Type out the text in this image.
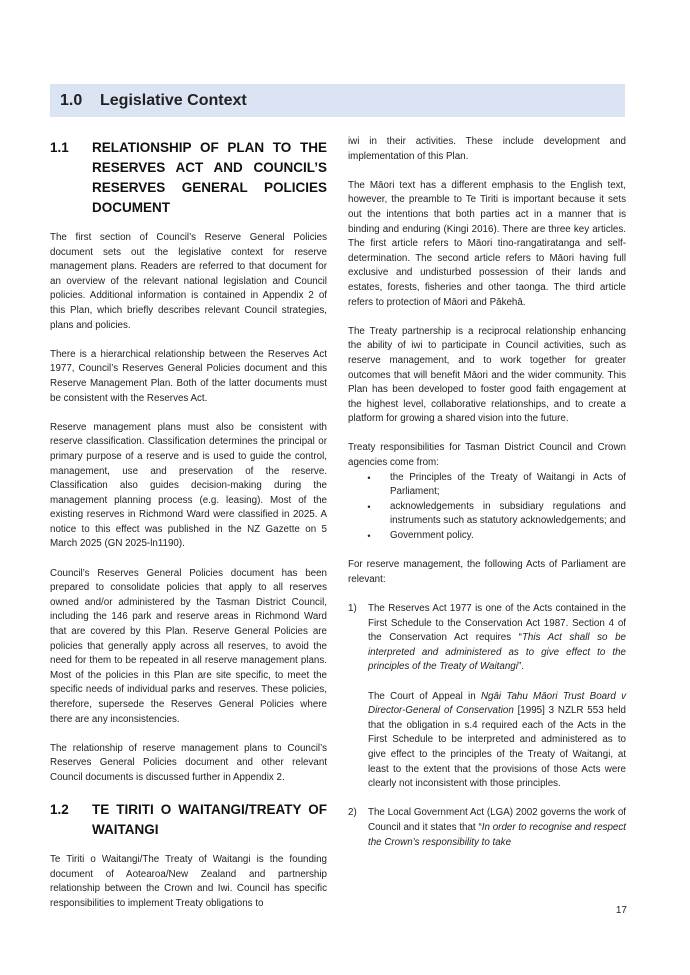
1.0	Legislative Context
1.1	RELATIONSHIP OF PLAN TO THE RESERVES ACT AND COUNCIL’S RESERVES GENERAL POLICIES DOCUMENT

The first section of Council’s Reserve General Policies document sets out the legislative context for reserve management plans. Readers are referred to that document for an overview of the relevant national legislation and Council policies. Additional information is contained in Appendix 2 of this Plan, which briefly describes relevant Council strategies, plans and policies.

There is a hierarchical relationship between the Reserves Act 1977, Council’s Reserves General Policies document and this Reserve Management Plan. Both of the latter documents must be consistent with the Reserves Act.

Reserve management plans must also be consistent with reserve classification. Classification determines the principal or primary purpose of a reserve and is used to guide the control, management, use and preservation of the reserve. Classification also guides decision-making during the management planning process (e.g. leasing). Most of the existing reserves in Richmond Ward were classified in 2025. A notice to this effect was published in the NZ Gazette on 5 March 2025 (GN 2025-ln1190).

Council’s Reserves General Policies document has been prepared to consolidate policies that apply to all reserves owned and/or administered by the Tasman District Council, including the 146 park and reserve areas in Richmond Ward that are covered by this Plan. Reserve General Policies are policies that generally apply across all reserves, to avoid the need for them to be repeated in all reserve management plans. Most of the policies in this Plan are site specific, to meet the specific needs of individual parks and reserves. These policies, therefore, supersede the Reserves General Policies where there are any inconsistencies.

The relationship of reserve management plans to Council’s Reserves General Policies document and other relevant Council documents is discussed further in Appendix 2.

1.2	TE TIRITI O WAITANGI/TREATY OF WAITANGI

Te Tiriti o Waitangi/The Treaty of Waitangi is the founding document of Aotearoa/New Zealand and partnership relationship between the Crown and Iwi. Council has specific responsibilities to implement Treaty obligations to

iwi in their activities. These include development and implementation of this Plan.

The Māori text has a different emphasis to the English text, however, the preamble to Te Tiriti is important because it sets out the intentions that both parties act in a manner that is binding and enduring (Kingi 2016). There are three key articles. The first article refers to Māori tino-rangatiratanga and self-determination. The second article refers to Māori having full exclusive and undisturbed possession of their lands and estates, forests, fisheries and other taonga. The third article refers to protection of Māori and Pākehā.

The Treaty partnership is a reciprocal relationship enhancing the ability of iwi to participate in Council activities, such as reserve management, and to work together for greater outcomes that will benefit Māori and the wider community. This Plan has been developed to foster good faith engagement at the highest level, collaborative relationships, and to create a platform for growing a shared vision into the future.

Treaty responsibilities for Tasman District Council and Crown agencies come from:

•	the Principles of the Treaty of Waitangi in Acts of Parliament;
•	acknowledgements in subsidiary regulations and instruments such as statutory acknowledgements; and
•	Government policy.

For reserve management, the following Acts of Parliament are relevant:

1)	The Reserves Act 1977 is one of the Acts contained in the First Schedule to the Conservation Act 1987. Section 4 of the Conservation Act requires “This Act shall so be interpreted and administered as to give effect to the principles of the Treaty of Waitangi”.

The Court of Appeal in Ngāi Tahu Māori Trust Board v Director-General of Conservation [1995] 3 NZLR 553 held that the obligation in s.4 required each of the Acts in the First Schedule to be interpreted and administered as to give effect to the principles of the Treaty of Waitangi, at least to the extent that the provisions of those Acts were clearly not inconsistent with those principles.

2)	The Local Government Act (LGA) 2002 governs the work of Council and it states that “In order to recognise and respect the Crown’s responsibility to take

17
